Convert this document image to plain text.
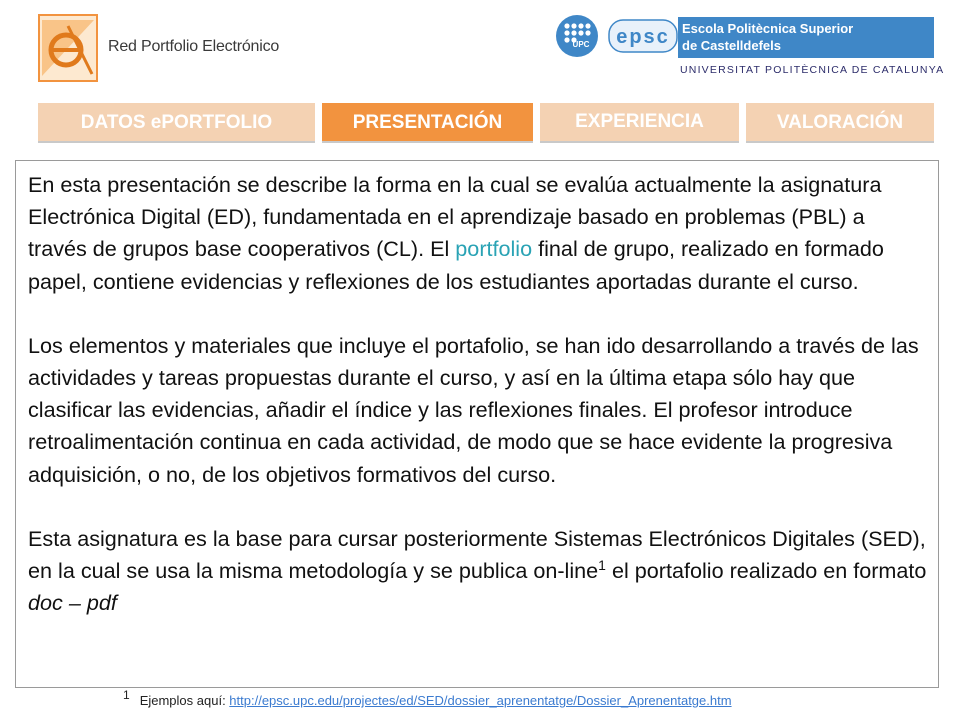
Red Portfolio Electrónico	UPC epsc Escola Politècnica Superior
de Castelldefels
UNIVERSITAT POLITÈCNICA DE CATALUNYA
DATOS ePORTFOLIO	PRESENTACIÓN	EXPERIENCIA	VALORACIÓN

En esta presentación se describe la forma en la cual se evalúa actualmente la asignatura Electrónica Digital (ED), fundamentada en el aprendizaje basado en problemas (PBL) a través de grupos base cooperativos (CL). El portfolio final de grupo, realizado en formado papel, contiene evidencias y reflexiones de los estudiantes aportadas durante el curso.

Los elementos y materiales que incluye el portafolio, se han ido desarrollando a través de las actividades y tareas propuestas durante el curso, y así en la última etapa sólo hay que clasificar las evidencias, añadir el índice y las reflexiones finales. El profesor introduce retroalimentación continua en cada actividad, de modo que se hace evidente la progresiva adquisición, o no, de los objetivos formativos del curso.

Esta asignatura es la base para cursar posteriormente Sistemas Electrónicos Digitales (SED), en la cual se usa la misma metodología y se publica on-line$^1$ el portafolio realizado en formato doc – pdf

1 Ejemplos aquí: http://epsc.upc.edu/projectes/ed/SED/dossier_aprenentatge/Dossier_Aprenentatge.htm
